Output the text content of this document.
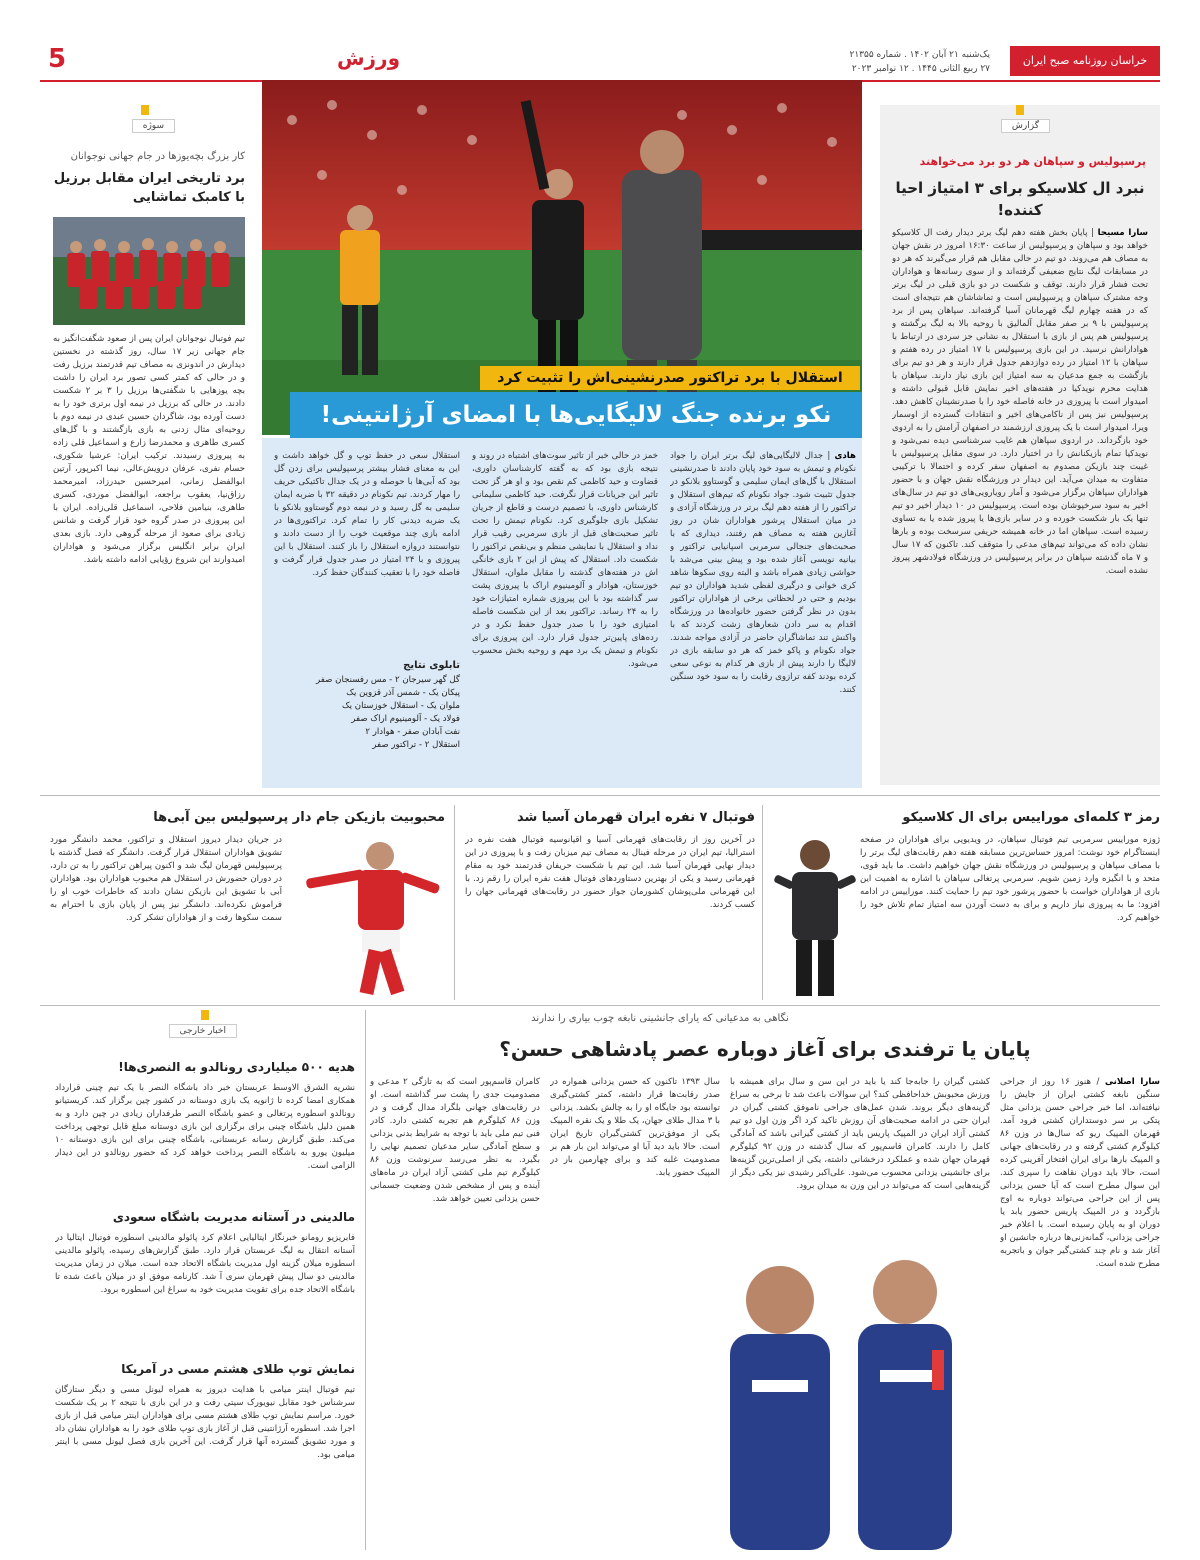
خراسان روزنامه صبح ایران
یک‌شنبه ۲۱ آبان ۱۴۰۲ . شماره ۲۱۳۵۵
۲۷ ربیع الثانی ۱۴۴۵ . ۱۲ نوامبر ۲۰۲۳
ورزش
5
گزارش
پرسپولیس و سپاهان هر دو برد می‌خواهند
نبرد ال کلاسیکو برای ۳ امتیاز احیا کننده!
سارا مسیحا | پایان بخش هفته دهم لیگ برتر دیدار رفت ال کلاسیکو خواهد بود و سپاهان و پرسپولیس از ساعت ۱۶:۳۰ امروز در نقش جهان به مصاف هم می‌روند. دو تیم در حالی مقابل هم قرار می‌گیرند که هر دو در مسابقات لیگ نتایج ضعیفی گرفته‌اند و از سوی رسانه‌ها و هواداران تحت فشار قرار دارند. توقف و شکست در دو بازی قبلی در لیگ برتر وجه مشترک سپاهان و پرسپولیس است و تماشاشان هم نتیجه‌ای است که در هفته چهارم لیگ قهرمانان آسیا گرفته‌اند. سپاهان پس از برد پرسپولیس با ۹ بر صفر مقابل آلمالیق با روحیه بالا به لیگ برگشته و پرسپولیس هم پس از بازی با استقلال به نشانی جز سردی در ارتباط با هوادارانش نرسید. در این بازی پرسپولیس با ۱۷ امتیاز در رده هفتم و سپاهان با ۱۲ امتیاز در رده دوازدهم جدول قرار دارند و هر دو تیم برای بازگشت به جمع مدعیان به سه امتیاز این بازی نیاز دارند. سپاهان با هدایت محرم نویدکیا در هفته‌های اخیر نمایش قابل قبولی داشته و امیدوار است با پیروزی در خانه فاصله خود را با صدرنشینان کاهش دهد. پرسپولیس نیز پس از ناکامی‌های اخیر و انتقادات گسترده از اوسمار ویرا، امیدوار است با یک پیروزی ارزشمند در اصفهان آرامش را به اردوی خود بازگرداند. در اردوی سپاهان هم غایب سرشناسی دیده نمی‌شود و نویدکیا تمام بازیکنانش را در اختیار دارد. در سوی مقابل پرسپولیس با غیبت چند بازیکن مصدوم به اصفهان سفر کرده و احتمالا با ترکیبی متفاوت به میدان می‌آید. این دیدار در ورزشگاه نقش جهان و با حضور هواداران سپاهان برگزار می‌شود و آمار رویارویی‌های دو تیم در سال‌های اخیر به سود سرخپوشان بوده است. پرسپولیس در ۱۰ دیدار اخیر دو تیم تنها یک بار شکست خورده و در سایر بازی‌ها یا پیروز شده یا به تساوی رسیده است. سپاهان اما در خانه همیشه حریفی سرسخت بوده و بارها نشان داده که می‌تواند تیم‌های مدعی را متوقف کند. تاکنون که ۱۷ سال و ۷ ماه گذشته سپاهان در برابر پرسپولیس در ورزشگاه فولادشهر پیروز نشده است.
استقلال با برد تراکتور صدرنشینی‌اش را تثبیت کرد
نکو برنده جنگ لالیگایی‌ها با امضای آرژانتینی!
هادی | جدال لالیگایی‌های لیگ برتر ایران را جواد نکونام و تیمش به سود خود پایان دادند تا صدرنشینی استقلال با گل‌های ایمان سلیمی و گوستاوو بلانکو در جدول تثبیت شود. جواد نکونام که تیم‌های استقلال و تراکتور را از هفته دهم لیگ برتر در ورزشگاه آزادی و در میان استقلال پرشور هواداران شان در روز آغازین هفته به مصاف هم رفتند، دیداری که با صحبت‌های جنجالی سرمربی اسپانیایی تراکتور و بیانیه نویسی آغاز شده بود و پیش بینی می‌شد با حواشی زیادی همراه باشد و البته روی سکوها شاهد کری خوانی و درگیری لفظی شدید هواداران دو تیم بودیم و حتی در لحظاتی برخی از هواداران تراکتور بدون در نظر گرفتن حضور خانواده‌ها در ورزشگاه اقدام به سر دادن شعارهای زشت کردند که با واکنش تند تماشاگران حاضر در آزادی مواجه شدند. جواد نکونام و پاکو خمز که هر دو سابقه بازی در لالیگا را دارند پیش از بازی هر کدام به نوعی سعی کرده بودند کفه ترازوی رقابت را به سود خود سنگین کنند.
خمز در حالی خبر از تاثیر سوت‌های اشتباه در روند و نتیجه بازی بود که به گفته کارشناسان داوری، قضاوت و حید کاظمی کم نقص بود و او هر گز تحت تاثیر این جریانات قرار نگرفت. حید کاظمی سلیمانی کارشناس داوری، با تصمیم درست و قاطع از جریان تشکیل بازی جلوگیری کرد. نکونام تیمش را تحت تاثیر صحبت‌های قبل از بازی سرمربی رقیب قرار نداد و استقلال با نمایشی منظم و بی‌نقص تراکتور را شکست داد. استقلال که پیش از این ۲ بازی خانگی اش در هفته‌های گذشته را مقابل ملوان، استقلال خوزستان، هوادار و آلومینیوم اراک با پیروزی پشت سر گذاشته بود با این پیروزی شماره امتیازات خود را به ۲۴ رساند. تراکتور بعد از این شکست فاصله امتیازی خود را با صدر جدول حفظ نکرد و در رده‌های پایین‌تر جدول قرار دارد. این پیروزی برای نکونام و تیمش یک برد مهم و روحیه بخش محسوب می‌شود.
استقلال سعی در حفظ توپ و گل خواهد داشت و این به معنای فشار بیشتر پرسپولیس برای زدن گل بود که آبی‌ها با حوصله و در یک جدال تاکتیکی حریف را مهار کردند. تیم نکونام در دقیقه ۳۲ با ضربه ایمان سلیمی به گل رسید و در نیمه دوم گوستاوو بلانکو با یک ضربه دیدنی کار را تمام کرد. تراکتوری‌ها در ادامه بازی چند موقعیت خوب را از دست دادند و نتوانستند دروازه استقلال را باز کنند. استقلال با این پیروزی و با ۲۴ امتیاز در صدر جدول قرار گرفت و فاصله خود را با تعقیب کنندگان حفظ کرد.
تابلوی نتایج
گل گهر سیرجان ۲ - مس رفسنجان صفر
پیکان یک - شمس آذر قزوین یک
ملوان یک - استقلال خوزستان یک
فولاد یک - آلومینیوم اراک صفر
نفت آبادان صفر - هوادار ۲
استقلال ۲ - تراکتور صفر
سوژه
کار بزرگ بچه‌یوزها در جام جهانی نوجوانان
برد تاریخی ایران مقابل برزیل با کامبک تماشایی
تیم فوتبال نوجوانان ایران پس از صعود شگفت‌انگیز به جام جهانی زیر ۱۷ سال، روز گذشته در نخستین دیدارش در اندونزی به مصاف تیم قدرتمند برزیل رفت و در حالی که کمتر کسی تصور برد ایران را داشت بچه یوزهایی با شگفتی‌ها برزیل را ۳ بر ۲ شکست دادند. در حالی که برزیل در نیمه اول برتری خود را به دست آورده بود، شاگردان حسین عبدی در نیمه دوم با روحیه‌ای مثال زدنی به بازی بازگشتند و با گل‌های کسری طاهری و محمدرضا زارع و اسماعیل قلی زاده به پیروزی رسیدند. ترکیب ایران: عرشیا شکوری، حسام نفری، عرفان درویش‌عالی، نیما اکبرپور، آرتین ابوالفضل زمانی، امیرحسین حیدرزاد، امیرمحمد رزاق‌نیا، یعقوب براجعه، ابوالفضل موردی، کسری طاهری، بنیامین فلاحی، اسماعیل قلی‌زاده. ایران با این پیروزی در صدر گروه خود قرار گرفت و شانس زیادی برای صعود از مرحله گروهی دارد. بازی بعدی ایران برابر انگلیس برگزار می‌شود و هواداران امیدوارند این شروع رؤیایی ادامه داشته باشد.
رمز ۳ کلمه‌ای موراییس برای ال کلاسیکو
ژوزه موراییس سرمربی تیم فوتبال سپاهان، در ویدیویی برای هواداران در صفحه اینستاگرام خود نوشت: امروز حساس‌ترین مسابقه هفته دهم رقابت‌های لیگ برتر را با مصاف سپاهان و پرسپولیس در ورزشگاه نقش جهان خواهیم داشت. ما باید قوی، متحد و با انگیزه وارد زمین شویم. سرمربی پرتغالی سپاهان با اشاره به اهمیت این بازی از هواداران خواست با حضور پرشور خود تیم را حمایت کنند. موراییس در ادامه افزود: ما به پیروزی نیاز داریم و برای به دست آوردن سه امتیاز تمام تلاش خود را خواهیم کرد.
فوتبال ۷ نفره ایران قهرمان آسیا شد
در آخرین روز از رقابت‌های قهرمانی آسیا و اقیانوسیه فوتبال هفت نفره در استرالیا، تیم ایران در مرحله فینال به مصاف تیم میزبان رفت و با پیروزی در این دیدار نهایی قهرمان آسیا شد. این تیم با شکست حریفان قدرتمند خود به مقام قهرمانی رسید و یکی از بهترین دستاوردهای فوتبال هفت نفره ایران را رقم زد. با این قهرمانی ملی‌پوشان کشورمان جواز حضور در رقابت‌های قهرمانی جهان را کسب کردند.
محبوبیت بازیکن جام دار پرسپولیس بین آبی‌ها
در جریان دیدار دیروز استقلال و تراکتور، محمد دانشگر مورد تشویق هواداران استقلال قرار گرفت. دانشگر که فصل گذشته با پرسپولیس قهرمان لیگ شد و اکنون پیراهن تراکتور را به تن دارد، در دوران حضورش در استقلال هم محبوب هواداران بود. هواداران آبی با تشویق این بازیکن نشان دادند که خاطرات خوب او را فراموش نکرده‌اند. دانشگر نیز پس از پایان بازی با احترام به سمت سکوها رفت و از هواداران تشکر کرد.
نگاهی به مدعیانی که یارای جانشینی نابغه چوب بیاری را ندارند
پایان یا ترفندی برای آغاز دوباره عصر پادشاهی حسن؟
سارا اصلانی / هنوز ۱۶ روز از جراحی سنگین نابغه کشتی ایران از جایش را نیافته‌اند، اما خبر جراحی حسن یزدانی مثل پتکی بر سر دوستداران کشتی فرود آمد. قهرمان المپیک ریو که سال‌ها در وزن ۸۶ کیلوگرم کشتی گرفته و در رقابت‌های جهانی و المپیک بارها برای ایران افتخار آفرینی کرده است، حالا باید دوران نقاهت را سپری کند. این سوال مطرح است که آیا حسن یزدانی پس از این جراحی می‌تواند دوباره به اوج بازگردد و در المپیک پاریس حضور یابد یا دوران او به پایان رسیده است. با اعلام خبر جراحی یزدانی، گمانه‌زنی‌ها درباره جانشین او آغاز شد و نام چند کشتی‌گیر جوان و باتجربه مطرح شده است.
کشتی گیران را جابه‌جا کند یا باید در این سن و سال برای همیشه با ورزش محبوبش خداحافظی کند؟ این سوالات باعث شد تا برخی به سراغ گزینه‌های دیگر بروند. شدن عمل‌های جراحی ناموفق کشتی گیران در ایران حتی در ادامه صحبت‌های آن روزش تاکید کرد اگر وزن اول دو تیم کشتی آزاد ایران در المپیک پاریس باید از کشتی گیرانی باشد که آمادگی کامل را دارند. کامران قاسم‌پور که سال گذشته در وزن ۹۲ کیلوگرم قهرمان جهان شده و عملکرد درخشانی داشته، یکی از اصلی‌ترین گزینه‌ها برای جانشینی یزدانی محسوب می‌شود. علی‌اکبر رشیدی نیز یکی دیگر از گزینه‌هایی است که می‌تواند در این وزن به میدان برود.
کامران قاسم‌پور است که به تازگی ۲ مدعی و مصدومیت جدی را پشت سر گذاشته است. او در رقابت‌های جهانی بلگراد مدال گرفت و در وزن ۸۶ کیلوگرم هم تجربه کشتی دارد. کادر فنی تیم ملی باید با توجه به شرایط بدنی یزدانی و سطح آمادگی سایر مدعیان تصمیم نهایی را بگیرد. به نظر می‌رسد سرنوشت وزن ۸۶ کیلوگرم تیم ملی کشتی آزاد ایران در ماه‌های آینده و پس از مشخص شدن وضعیت جسمانی حسن یزدانی تعیین خواهد شد.
سال ۱۳۹۳ تاکنون که حسن یزدانی همواره در صدر رقابت‌ها قرار داشته، کمتر کشتی‌گیری توانسته بود جایگاه او را به چالش بکشد. یزدانی با ۳ مدال طلای جهان، یک طلا و یک نقره المپیک یکی از موفق‌ترین کشتی‌گیران تاریخ ایران است. حالا باید دید آیا او می‌تواند این بار هم بر مصدومیت غلبه کند و برای چهارمین بار در المپیک حضور یابد.
اخبار خارجی
هدیه ۵۰۰ میلیاردی رونالدو به النصری‌ها!
نشریه الشرق الاوسط عربستان خبر داد باشگاه النصر با یک تیم چینی قرارداد همکاری امضا کرده تا ژانویه یک بازی دوستانه در کشور چین برگزار کند. کریستیانو رونالدو اسطوره پرتغالی و عضو باشگاه النصر طرفداران زیادی در چین دارد و به همین دلیل باشگاه چینی برای برگزاری این بازی دوستانه مبلغ قابل توجهی پرداخت می‌کند. طبق گزارش رسانه عربستانی، باشگاه چینی برای این بازی دوستانه ۱۰ میلیون یورو به باشگاه النصر پرداخت خواهد کرد که حضور رونالدو در این دیدار الزامی است.
مالدینی در آستانه مدیریت باشگاه سعودی
فابریزیو رومانو خبرنگار ایتالیایی اعلام کرد پائولو مالدینی اسطوره فوتبال ایتالیا در آستانه انتقال به لیگ عربستان قرار دارد. طبق گزارش‌های رسیده، پائولو مالدینی اسطوره میلان گزینه اول مدیریت باشگاه الاتحاد جده است. میلان در زمان مدیریت مالدینی دو سال پیش قهرمان سری آ شد. کارنامه موفق او در میلان باعث شده تا باشگاه الاتحاد جده برای تقویت مدیریت خود به سراغ این اسطوره برود.
نمایش توپ طلای هشتم مسی در آمریکا
تیم فوتبال اینتر میامی با هدایت دیروز به همراه لیونل مسی و دیگر ستارگان سرشناس خود مقابل نیویورک سیتی رفت و در این بازی با نتیجه ۲ بر یک شکست خورد. مراسم نمایش توپ طلای هشتم مسی برای هواداران اینتر میامی قبل از بازی اجرا شد. اسطوره آرژانتینی قبل از آغاز بازی توپ طلای خود را به هواداران نشان داد و مورد تشویق گسترده آنها قرار گرفت. این آخرین بازی فصل لیونل مسی با اینتر میامی بود.
